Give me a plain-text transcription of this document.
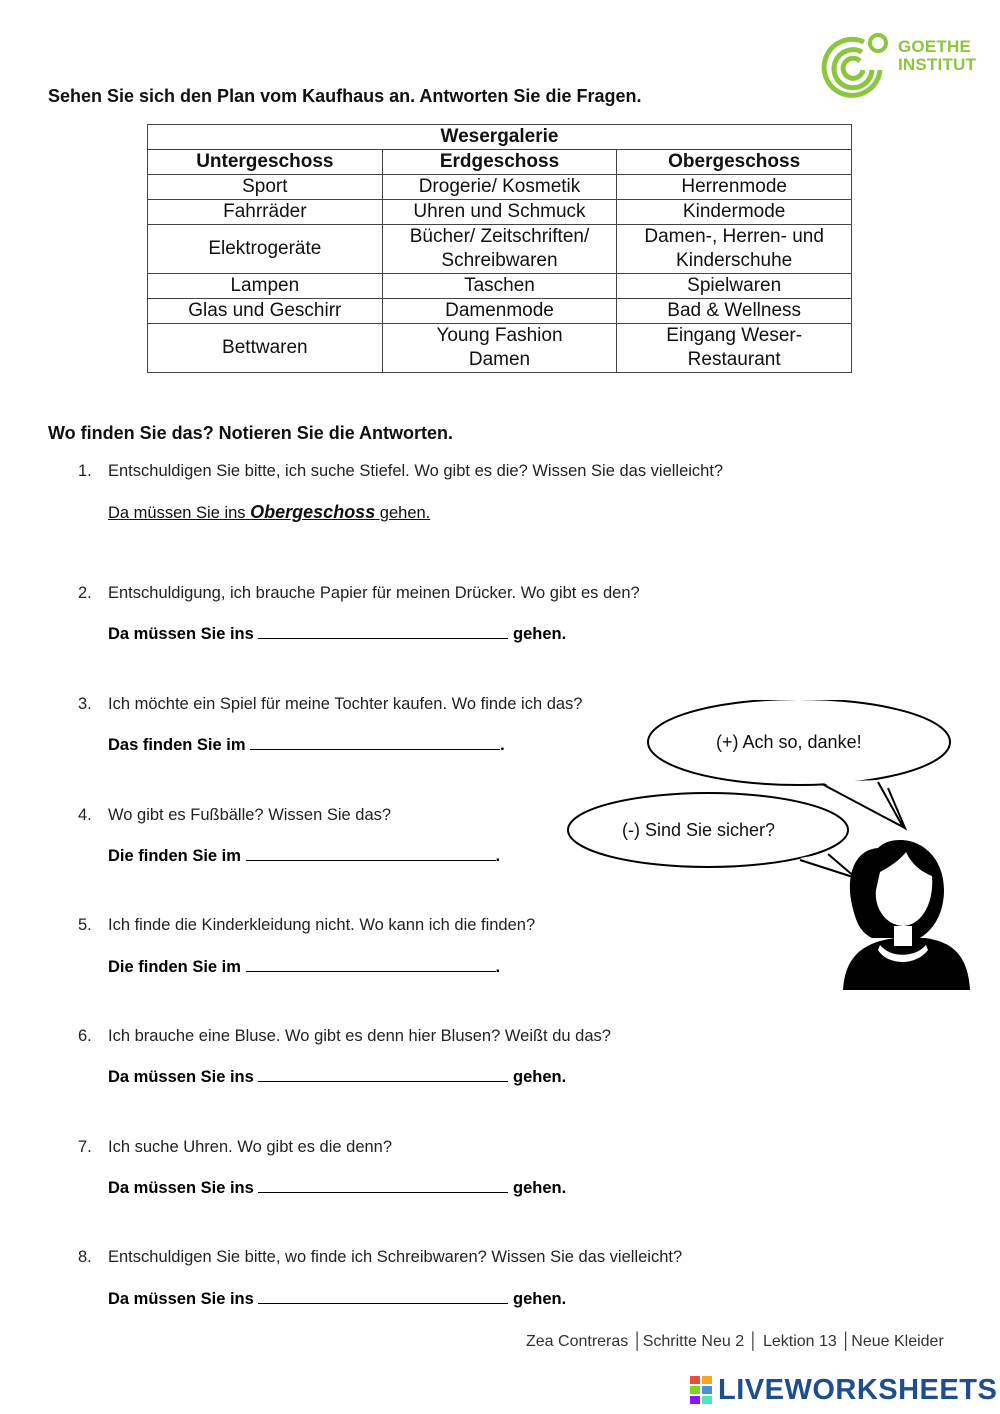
GOETHE
INSTITUT
Sehen Sie sich den Plan vom Kaufhaus an. Antworten Sie die Fragen.
Wesergalerie		
Untergeschoss	Erdgeschoss	Obergeschoss
Sport	Drogerie/ Kosmetik	Herrenmode
Fahrräder	Uhren und Schmuck	Kindermode
Elektrogeräte	Bücher/ Zeitschriften/ Schreibwaren	Damen-, Herren- und Kinderschuhe
Lampen	Taschen	Spielwaren
Glas und Geschirr	Damenmode	Bad & Wellness
Bettwaren	Young Fashion Damen	Eingang Weser-Restaurant
Wo finden Sie das? Notieren Sie die Antworten.
1. Entschuldigen Sie bitte, ich suche Stiefel. Wo gibt es die? Wissen Sie das vielleicht?
Da müssen Sie ins Obergeschoss gehen.
2. Entschuldigung, ich brauche Papier für meinen Drücker. Wo gibt es den?
Da müssen Sie ins	gehen.
3. Ich möchte ein Spiel für meine Tochter kaufen. Wo finde ich das?
Das finden Sie im	.
4. Wo gibt es Fußbälle? Wissen Sie das?
Die finden Sie im	.
5. Ich finde die Kinderkleidung nicht. Wo kann ich die finden?
Die finden Sie im	.
6. Ich brauche eine Bluse. Wo gibt es denn hier Blusen? Weißt du das?
Da müssen Sie ins	gehen.
7. Ich suche Uhren. Wo gibt es die denn?
Da müssen Sie ins	gehen.
8. Entschuldigen Sie bitte, wo finde ich Schreibwaren? Wissen Sie das vielleicht?
Da müssen Sie ins	gehen.
(+) Ach so, danke!
(-) Sind Sie sicher?
Zea Contreras │Schritte Neu 2 │ Lektion 13 │Neue Kleider
LIVEWORKSHEETS
